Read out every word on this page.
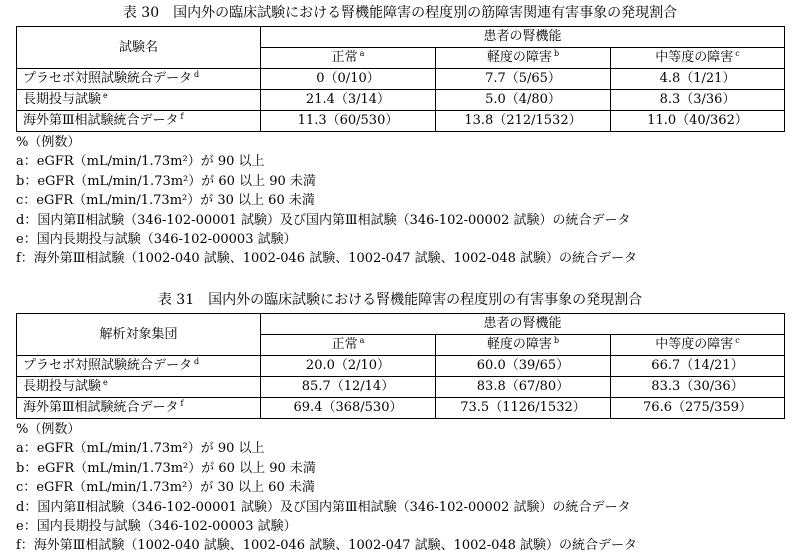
表 30　国内外の臨床試験における腎機能障害の程度別の筋障害関連有害事象の発現割合
試験名	患者の腎機能		
	正常 $^a$	軽度の障害 $^b$	中等度の障害 $^c$
プラセボ対照試験統合データ $^d$	0（0/10）	7.7（5/65）	4.8（1/21）
長期投与試験 $^e$	21.4（3/14）	5.0（4/80）	8.3（3/36）
海外第Ⅲ相試験統合データ $^f$	11.3（60/530）	13.8（212/1532）	11.0（40/362）
%（例数）
a：eGFR（mL/min/1.73m²）が 90 以上
b：eGFR（mL/min/1.73m²）が 60 以上 90 未満
c：eGFR（mL/min/1.73m²）が 30 以上 60 未満
d：国内第Ⅱ相試験（346-102-00001 試験）及び国内第Ⅲ相試験（346-102-00002 試験）の統合データ
e：国内長期投与試験（346-102-00003 試験）
f：海外第Ⅲ相試験（1002-040 試験、1002-046 試験、1002-047 試験、1002-048 試験）の統合データ
表 31　国内外の臨床試験における腎機能障害の程度別の有害事象の発現割合
解析対象集団	患者の腎機能		
	正常 $^a$	軽度の障害 $^b$	中等度の障害 $^c$
プラセボ対照試験統合データ $^d$	20.0（2/10）	60.0（39/65）	66.7（14/21）
長期投与試験 $^e$	85.7（12/14）	83.8（67/80）	83.3（30/36）
海外第Ⅲ相試験統合データ $^f$	69.4（368/530）	73.5（1126/1532）	76.6（275/359）
%（例数）
a：eGFR（mL/min/1.73m²）が 90 以上
b：eGFR（mL/min/1.73m²）が 60 以上 90 未満
c：eGFR（mL/min/1.73m²）が 30 以上 60 未満
d：国内第Ⅱ相試験（346-102-00001 試験）及び国内第Ⅲ相試験（346-102-00002 試験）の統合データ
e：国内長期投与試験（346-102-00003 試験）
f：海外第Ⅲ相試験（1002-040 試験、1002-046 試験、1002-047 試験、1002-048 試験）の統合データ
